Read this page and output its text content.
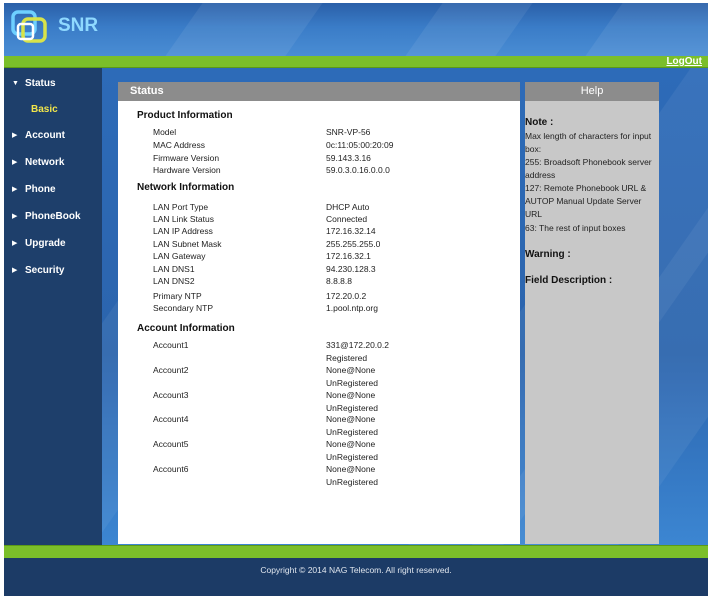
SNR
LogOut
▼ Status
Basic
▶ Account
▶ Network
▶ Phone
▶ PhoneBook
▶ Upgrade
▶ Security
Status
Product Information
Model	SNR-VP-56
MAC Address	0c:11:05:00:20:09
Firmware Version	59.143.3.16
Hardware Version	59.0.3.0.16.0.0.0
Network Information
LAN Port Type	DHCP Auto
LAN Link Status	Connected
LAN IP Address	172.16.32.14
LAN Subnet Mask	255.255.255.0
LAN Gateway	172.16.32.1
LAN DNS1	94.230.128.3
LAN DNS2	8.8.8.8
Primary NTP	172.20.0.2
Secondary NTP	1.pool.ntp.org
Account Information
Account1	331@172.20.0.2
Registered
Account2	None@None
UnRegistered
Account3	None@None
UnRegistered
Account4	None@None
UnRegistered
Account5	None@None
UnRegistered
Account6	None@None
UnRegistered
Help
Note :
Max length of characters for input box:
255: Broadsoft Phonebook server address
127: Remote Phonebook URL & AUTOP Manual Update Server URL
63: The rest of input boxes
Warning :
Field Description :
Copyright © 2014 NAG Telecom. All right reserved.
